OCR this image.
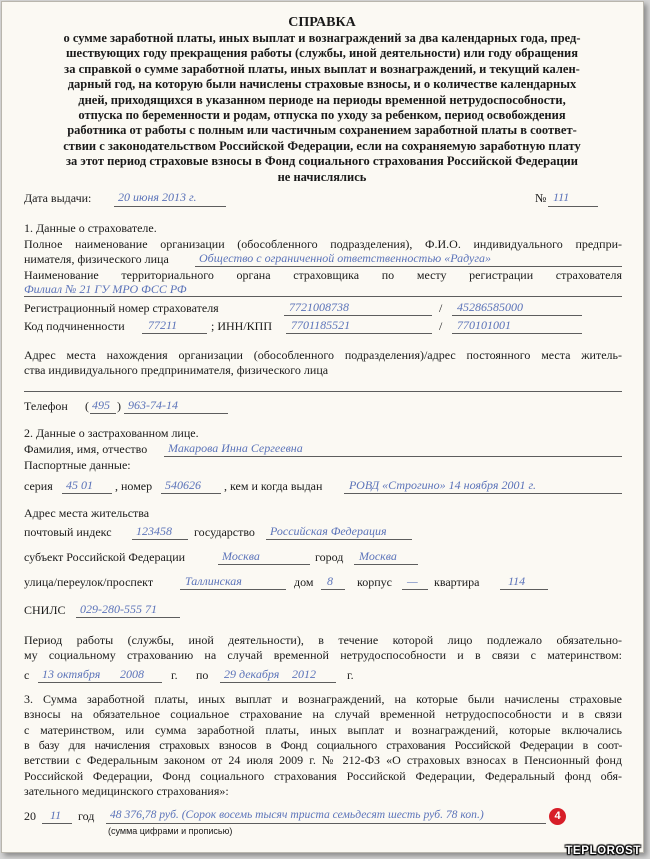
СПРАВКА
о сумме заработной платы, иных выплат и вознаграждений за два календарных года, пред-
шествующих году прекращения работы (службы, иной деятельности) или году обращения
за справкой о сумме заработной платы, иных выплат и вознаграждений, и текущий кален-
дарный год, на которую были начислены страховые взносы, и о количестве календарных
дней, приходящихся в указанном периоде на периоды временной нетрудоспособности,
отпуска по беременности и родам, отпуска по уходу за ребенком, период освобождения
работника от работы с полным или частичным сохранением заработной платы в соответ-
ствии с законодательством Российской Федерации, если на сохраняемую заработную плату
за этот период страховые взносы в Фонд социального страхования Российской Федерации
не начислялись
Дата выдачи: 20 июня 2013 г.	№ 111
1. Данные о страхователе.
Полное наименование организации (обособленного подразделения), Ф.И.О. индивидуального предпри-
нимателя, физического лица	Общество с ограниченной ответственностью «Радуга»
Наименование территориального органа страховщика по месту регистрации страхователя
Филиал № 21 ГУ МРО ФСС РФ
Регистрационный номер страхователя	7721008738	/ 45286585000
Код подчиненности 77211	; ИНН/КПП 7701185521	/ 770101001
Адрес места нахождения организации (обособленного подразделения)/адрес постоянного места житель-
ства индивидуального предпринимателя, физического лица
Телефон ( 495 ) 963-74-14
2. Данные о застрахованном лице.
Фамилия, имя, отчество Макарова Инна Сергеевна
Паспортные данные:
серия 45 01 , номер 540626 , кем и когда выдан РОВД «Строгино» 14 ноября 2001 г.
Адрес места жительства
почтовый индекс 123458 государство Российская Федерация
субъект Российской Федерации	Москва	город Москва
улица/переулок/проспект	Таллинская	дом 8 корпус — квартира 114
СНИЛС 029-280-555 71
Период работы (службы, иной деятельности), в течение которой лицо подлежало обязательно-
му социальному страхованию на случай временной нетрудоспособности и в связи с материнством:
с 13 октября 2008 г. по 29 декабря 2012	г.
3. Сумма заработной платы, иных выплат и вознаграждений, на которые были начислены страховые
взносы на обязательное социальное страхование на случай временной нетрудоспособности и в связи
с материнством, или сумма заработной платы, иных выплат и вознаграждений, которые включались
в базу для начисления страховых взносов в Фонд социального страхования Российской Федерации в соот-
ветствии с Федеральным законом от 24 июля 2009 г. № 212-ФЗ «О страховых взносах в Пенсионный фонд
Российской Федерации, Фонд социального страхования Российской Федерации, Федеральный фонд обя-
зательного медицинского страхования»:
20 11 год 48 376,78 руб. (Сорок восемь тысяч триста семьдесят шесть руб. 78 коп.)	4
(сумма цифрами и прописью)
TEPLOROST
